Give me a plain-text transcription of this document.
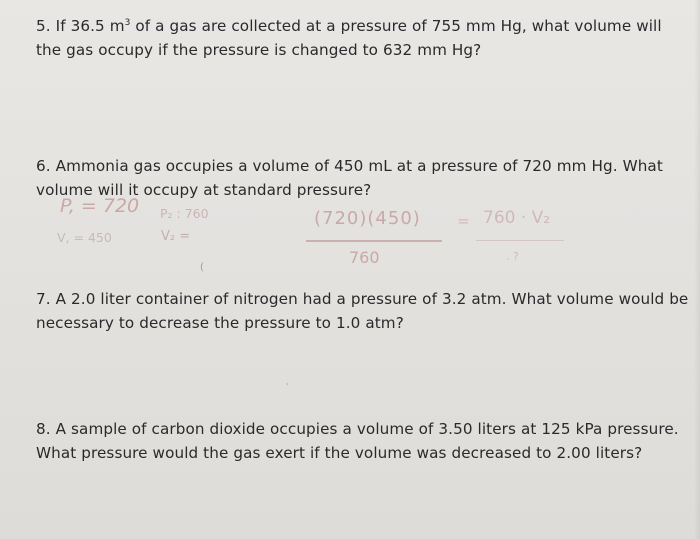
5. If 36.5 $m^3$ of a gas are collected at a pressure of 755 mm Hg, what volume will
the gas occupy if the pressure is changed to 632 mm Hg?
6. Ammonia gas occupies a volume of 450 mL at a pressure of 720 mm Hg. What
volume will it occupy at standard pressure?
P, = 720 P₂ : 760
V, = 450	V₂ =
(720)(450)
760
= 760 · V₂
. ?
(
7. A 2.0 liter container of nitrogen had a pressure of 3.2 atm. What volume would be
necessary to decrease the pressure to 1.0 atm?
'
8. A sample of carbon dioxide occupies a volume of 3.50 liters at 125 kPa pressure.
What pressure would the gas exert if the volume was decreased to 2.00 liters?
